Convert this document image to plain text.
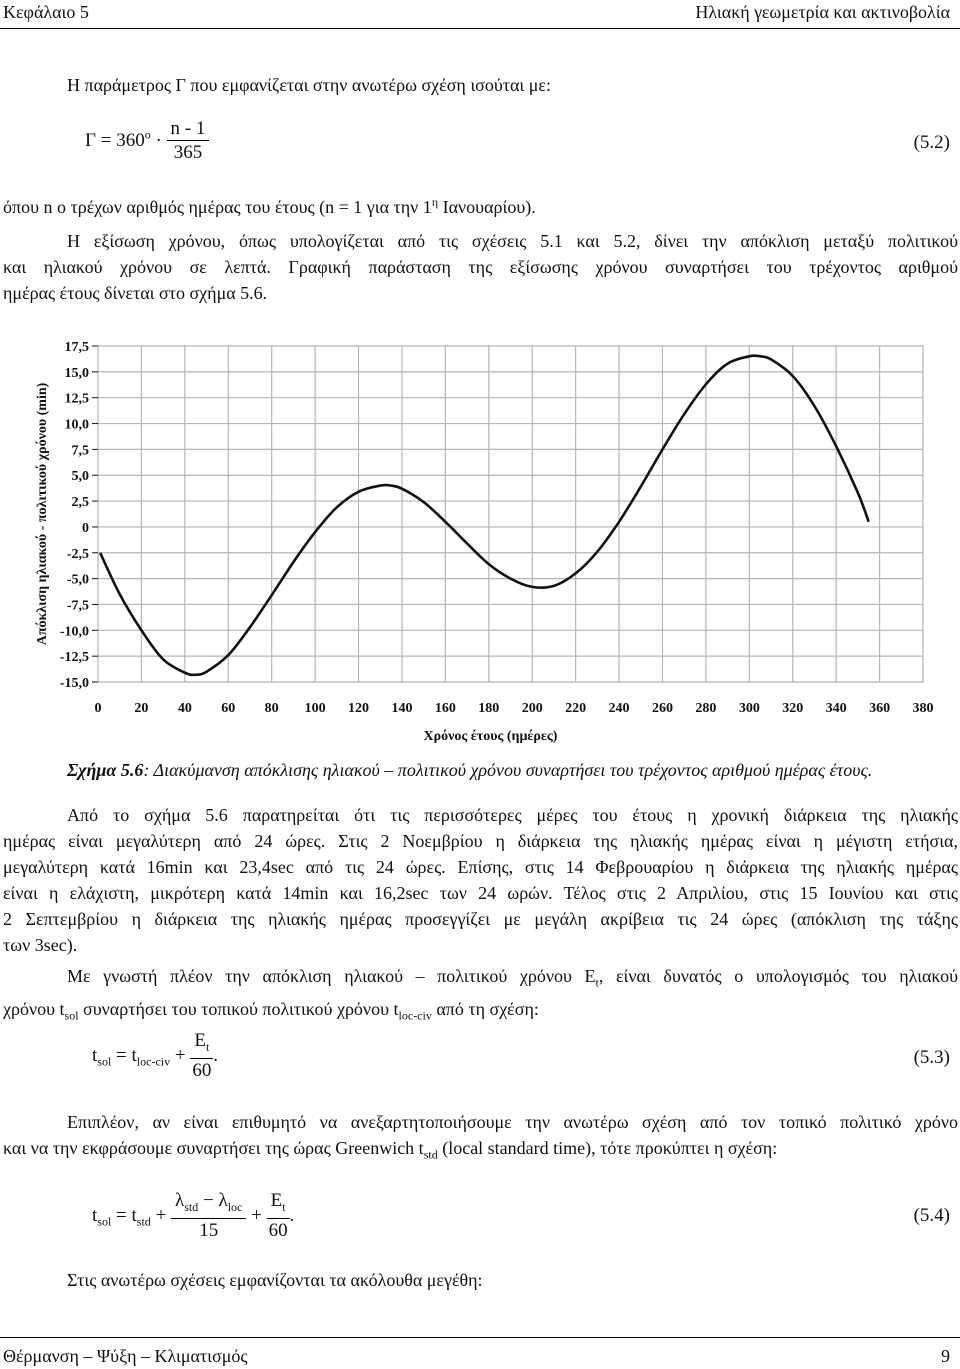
Κεφάλαιο 5	Ηλιακή γεωμετρία και ακτινοβολία

Η παράμετρος Γ που εμφανίζεται στην ανωτέρω σχέση ισούται με:

$\Gamma = 360^o \cdot \frac{n - 1}{365}$	(5.2)

όπου n ο τρέχων αριθμός ημέρας του έτους (n = 1 για την $1^\eta$ Ιανουαρίου).

Η εξίσωση χρόνου, όπως υπολογίζεται από τις σχέσεις 5.1 και 5.2, δίνει την απόκλιση μεταξύ πολιτικού

και ηλιακού χρόνου σε λεπτά. Γραφική παράσταση της εξίσωσης χρόνου συναρτήσει του τρέχοντος αριθμού

ημέρας έτους δίνεται στο σχήμα 5.6.

0 20 40 60 80 100 120 140 160 180 200 220 240 260 280 300 320 340 360 380
17,5
15,0
12,5
10,0
7,5
5,0
2,5
0
-2,5
-5,0
-7,5
-10,0
-12,5
-15,0
Χρόνος έτους (ημέρες)
Απόκλιση ηλιακού - πολιτικού χρόνου (min)

Σχήμα 5.6: Διακύμανση απόκλισης ηλιακού – πολιτικού χρόνου συναρτήσει του τρέχοντος αριθμού ημέρας έτους.

Από το σχήμα 5.6 παρατηρείται ότι τις περισσότερες μέρες του έτους η χρονική διάρκεια της ηλιακής

ημέρας είναι μεγαλύτερη από 24 ώρες. Στις 2 Νοεμβρίου η διάρκεια της ηλιακής ημέρας είναι η μέγιστη ετήσια,

μεγαλύτερη κατά 16min και 23,4sec από τις 24 ώρες. Επίσης, στις 14 Φεβρουαρίου η διάρκεια της ηλιακής ημέρας

είναι η ελάχιστη, μικρότερη κατά 14min και 16,2sec των 24 ωρών. Τέλος στις 2 Απριλίου, στις 15 Ιουνίου και στις

2 Σεπτεμβρίου η διάρκεια της ηλιακής ημέρας προσεγγίζει με μεγάλη ακρίβεια τις 24 ώρες (απόκλιση της τάξης

των 3sec).

Με γνωστή πλέον την απόκλιση ηλιακού – πολιτικού χρόνου $E_t$, είναι δυνατός ο υπολογισμός του ηλιακού

χρόνου $t_{sol}$ συναρτήσει του τοπικού πολιτικού χρόνου $t_{loc-civ}$ από τη σχέση:

$t_{sol} = t_{loc-civ} + \frac{E_t}{60}$ .	(5.3)

Επιπλέον, αν είναι επιθυμητό να ανεξαρτητοποιήσουμε την ανωτέρω σχέση από τον τοπικό πολιτικό χρόνο

και να την εκφράσουμε συναρτήσει της ώρας Greenwich $t_{std}$ (local standard time), τότε προκύπτει η σχέση:

$t_{sol} = t_{std} + \frac{\lambda_{std} - \lambda_{loc}}{15} + \frac{E_t}{60}$ .	(5.4)

Στις ανωτέρω σχέσεις εμφανίζονται τα ακόλουθα μεγέθη:

Θέρμανση – Ψύξη – Κλιματισμός	9
